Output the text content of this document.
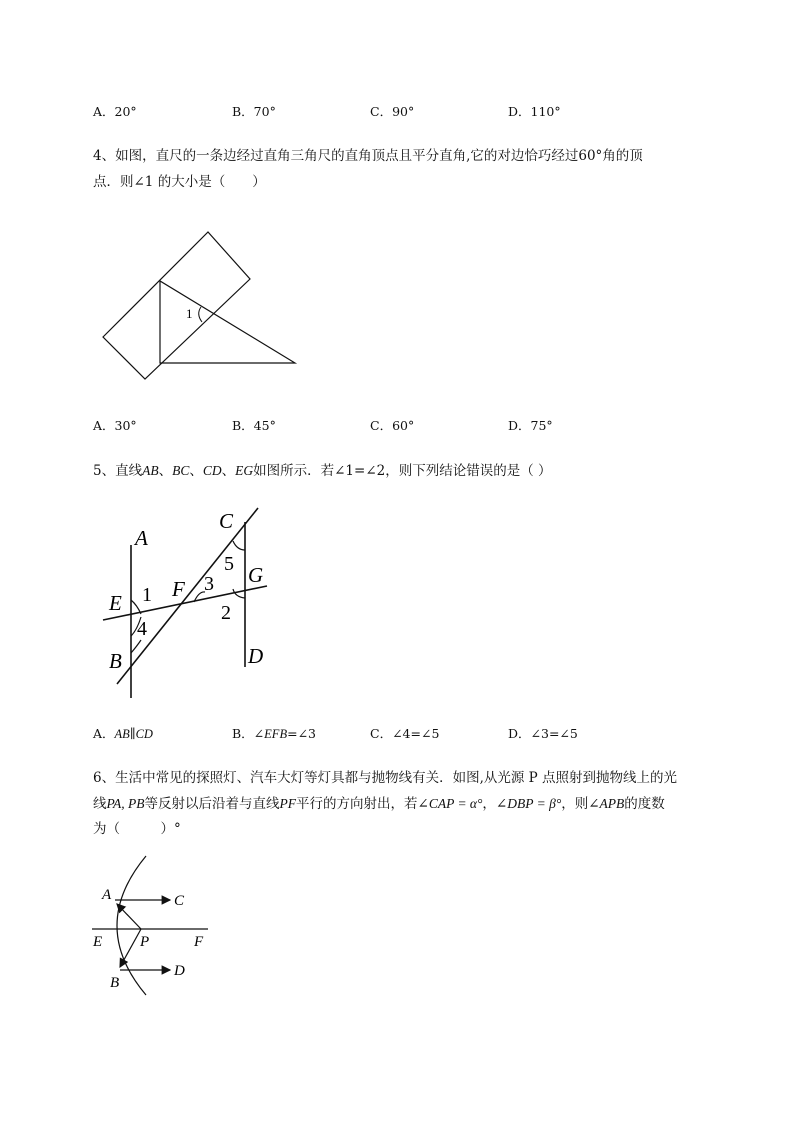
A．20°	B．70°	C．90°	D．110°
4、如图，直尺的一条边经过直角三角尺的直角顶点且平分直角,它的对边恰巧经过60°角的顶
点．则∠1 的大小是（　　）
1
A．30°	B．45°	C．60°	D．75°
5、直线AB、BC、CD、EG如图所示．若∠1=∠2，则下列结论错误的是（ ）
A
B
C
D
E
F
G
1
2
3
4
5
A．AB∥CD	B．∠EFB=∠3	C．∠4=∠5	D．∠3=∠5
6、生活中常见的探照灯、汽车大灯等灯具都与抛物线有关．如图,从光源 P 点照射到抛物线上的光
线PA, PB等反射以后沿着与直线PF平行的方向射出，若∠CAP = α°，∠DBP = β°，则∠APB的度数
为（　　　）°
A
B
C
D
E	F
P
